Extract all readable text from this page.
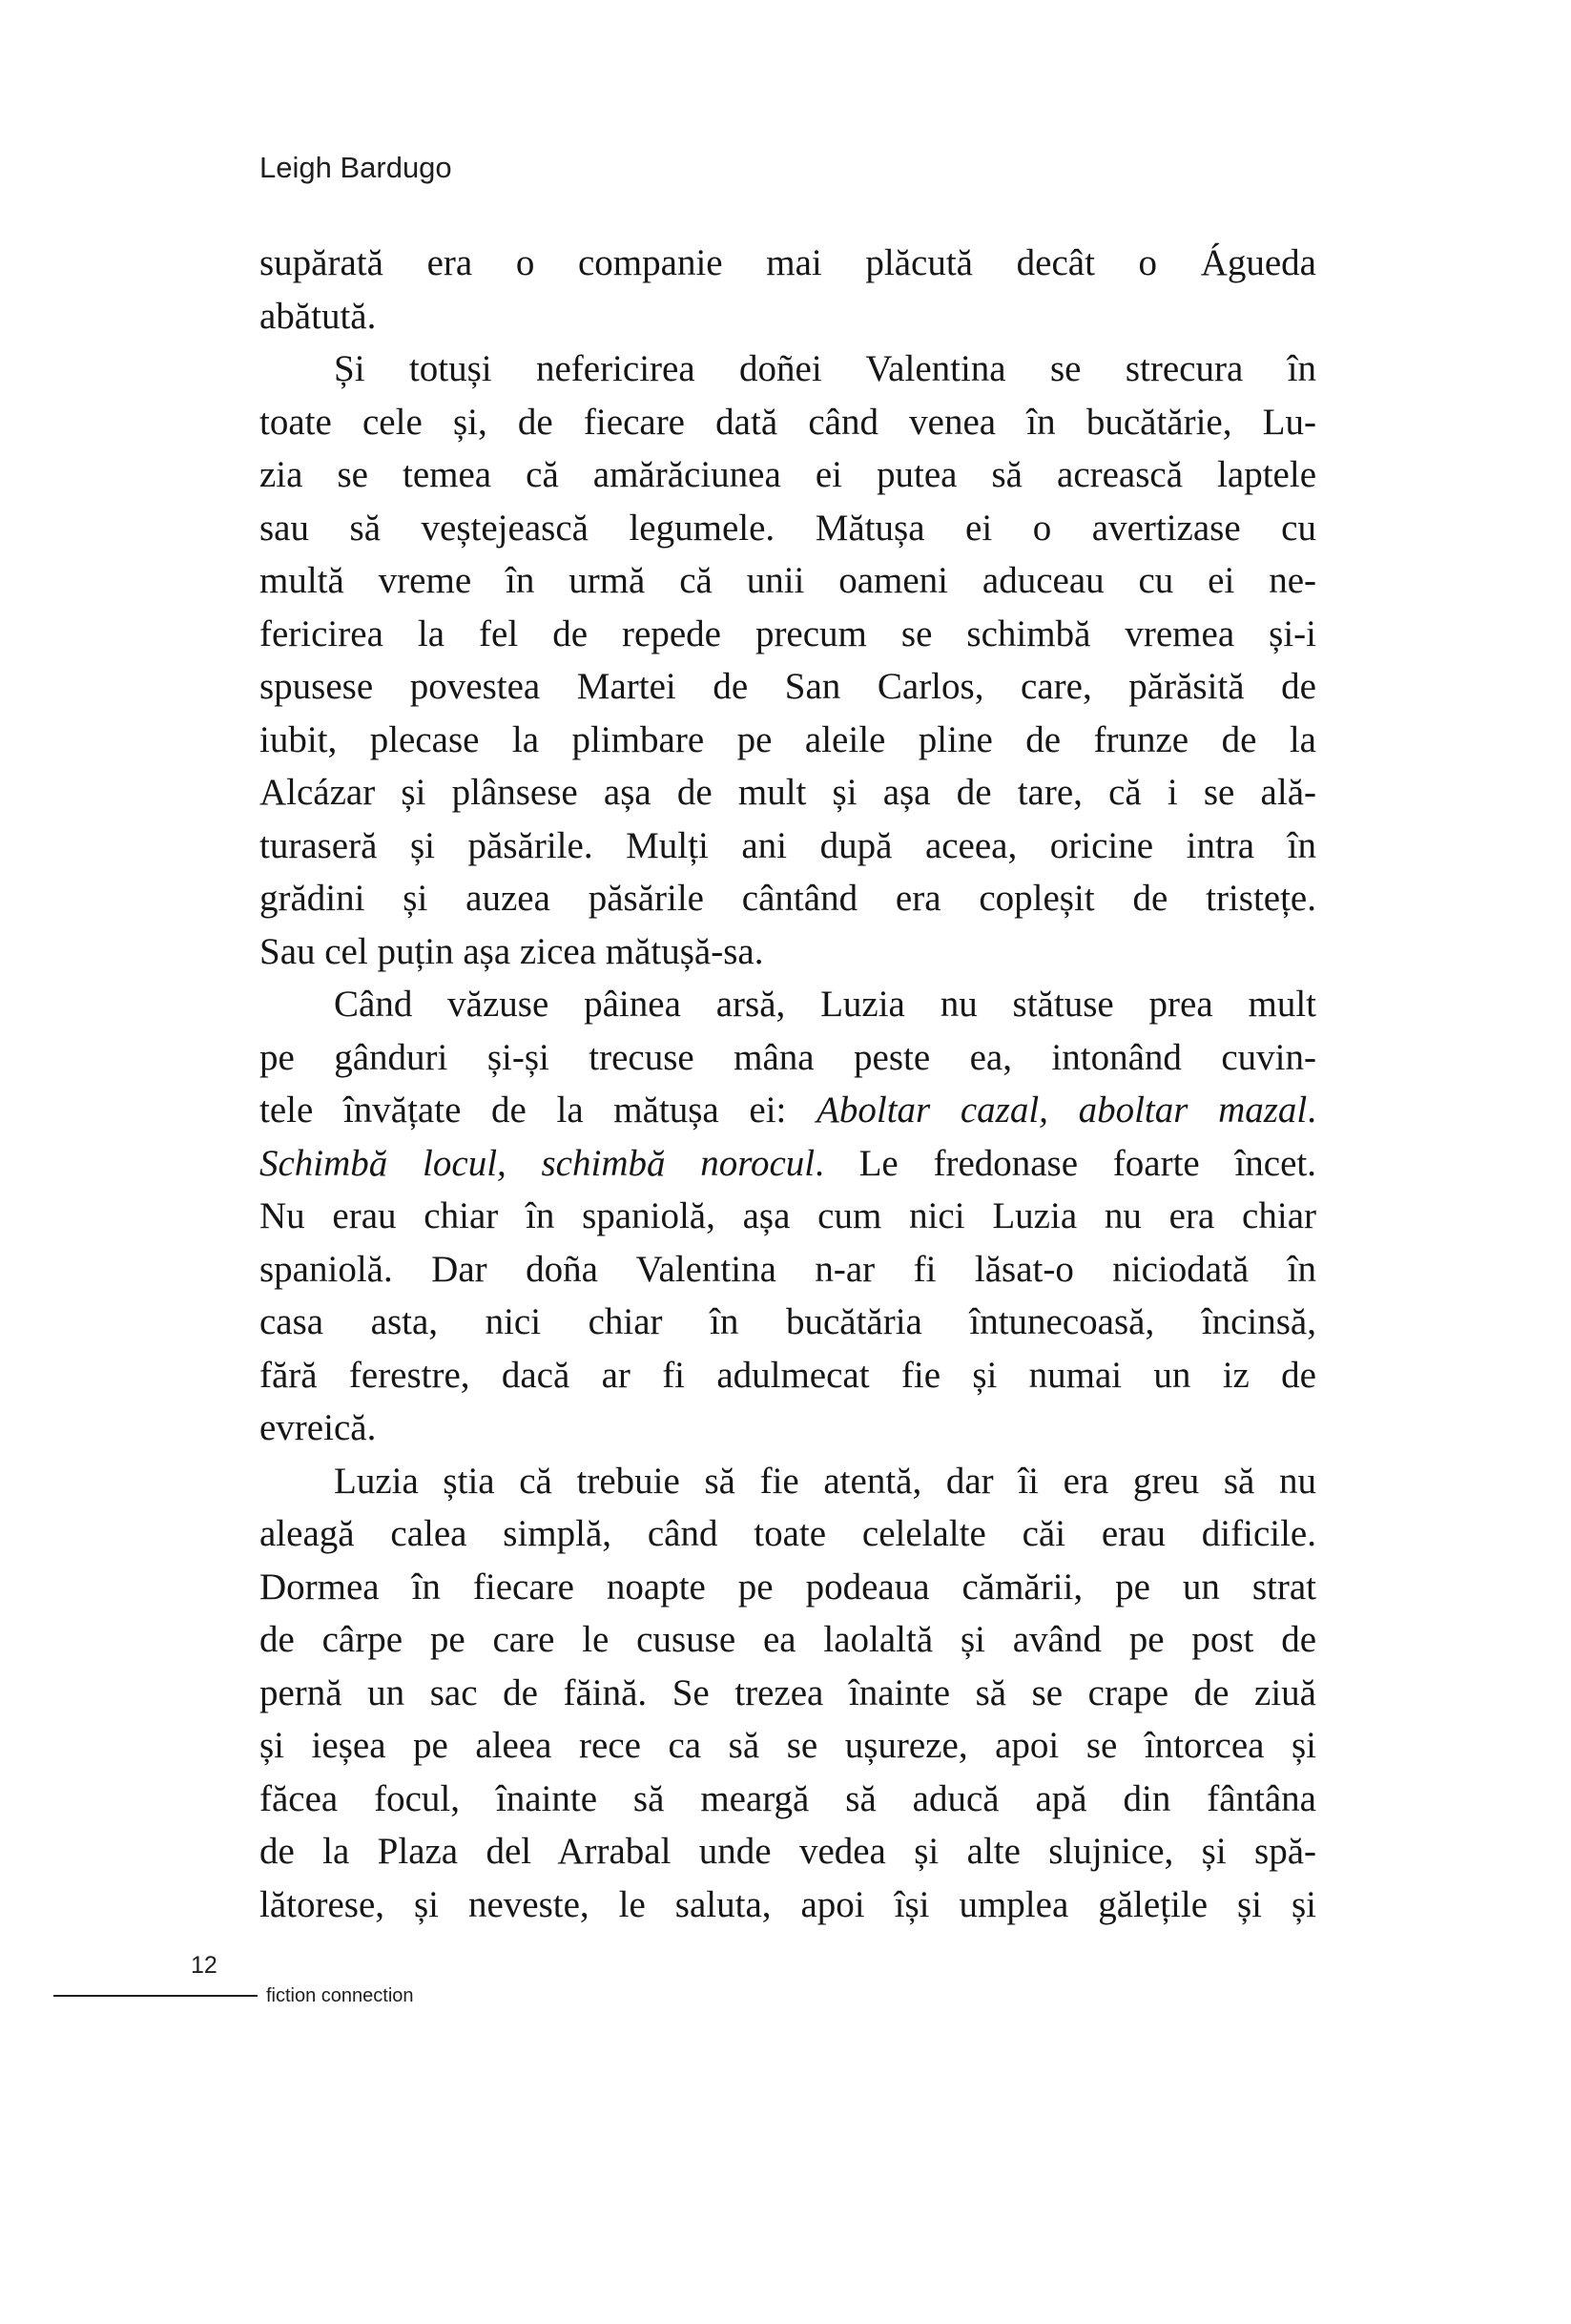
Leigh Bardugo
supărată era o companie mai plăcută decât o Águeda
abătută.
Și totuși nefericirea doñei Valentina se strecura în
toate cele și, de fiecare dată când venea în bucătărie, Lu-
zia se temea că amărăciunea ei putea să acrească laptele
sau să veștejească legumele. Mătușa ei o avertizase cu
multă vreme în urmă că unii oameni aduceau cu ei ne-
fericirea la fel de repede precum se schimbă vremea și-i
spusese povestea Martei de San Carlos, care, părăsită de
iubit, plecase la plimbare pe aleile pline de frunze de la
Alcázar și plânsese așa de mult și așa de tare, că i se ală-
turaseră și păsările. Mulți ani după aceea, oricine intra în
grădini și auzea păsările cântând era copleșit de tristețe.
Sau cel puțin așa zicea mătușă-sa.
Când văzuse pâinea arsă, Luzia nu stătuse prea mult
pe gânduri și-și trecuse mâna peste ea, intonând cuvin-
tele învățate de la mătușa ei: Aboltar cazal, aboltar mazal.
Schimbă locul, schimbă norocul. Le fredonase foarte încet.
Nu erau chiar în spaniolă, așa cum nici Luzia nu era chiar
spaniolă. Dar doña Valentina n-ar fi lăsat-o niciodată în
casa asta, nici chiar în bucătăria întunecoasă, încinsă,
fără ferestre, dacă ar fi adulmecat fie și numai un iz de
evreică.
Luzia știa că trebuie să fie atentă, dar îi era greu să nu
aleagă calea simplă, când toate celelalte căi erau dificile.
Dormea în fiecare noapte pe podeaua cămării, pe un strat
de cârpe pe care le cususe ea laolaltă și având pe post de
pernă un sac de făină. Se trezea înainte să se crape de ziuă
și ieșea pe aleea rece ca să se ușureze, apoi se întorcea și
făcea focul, înainte să meargă să aducă apă din fântâna
de la Plaza del Arrabal unde vedea și alte slujnice, și spă-
lătorese, și neveste, le saluta, apoi își umplea gălețile și și
12
fiction connection
